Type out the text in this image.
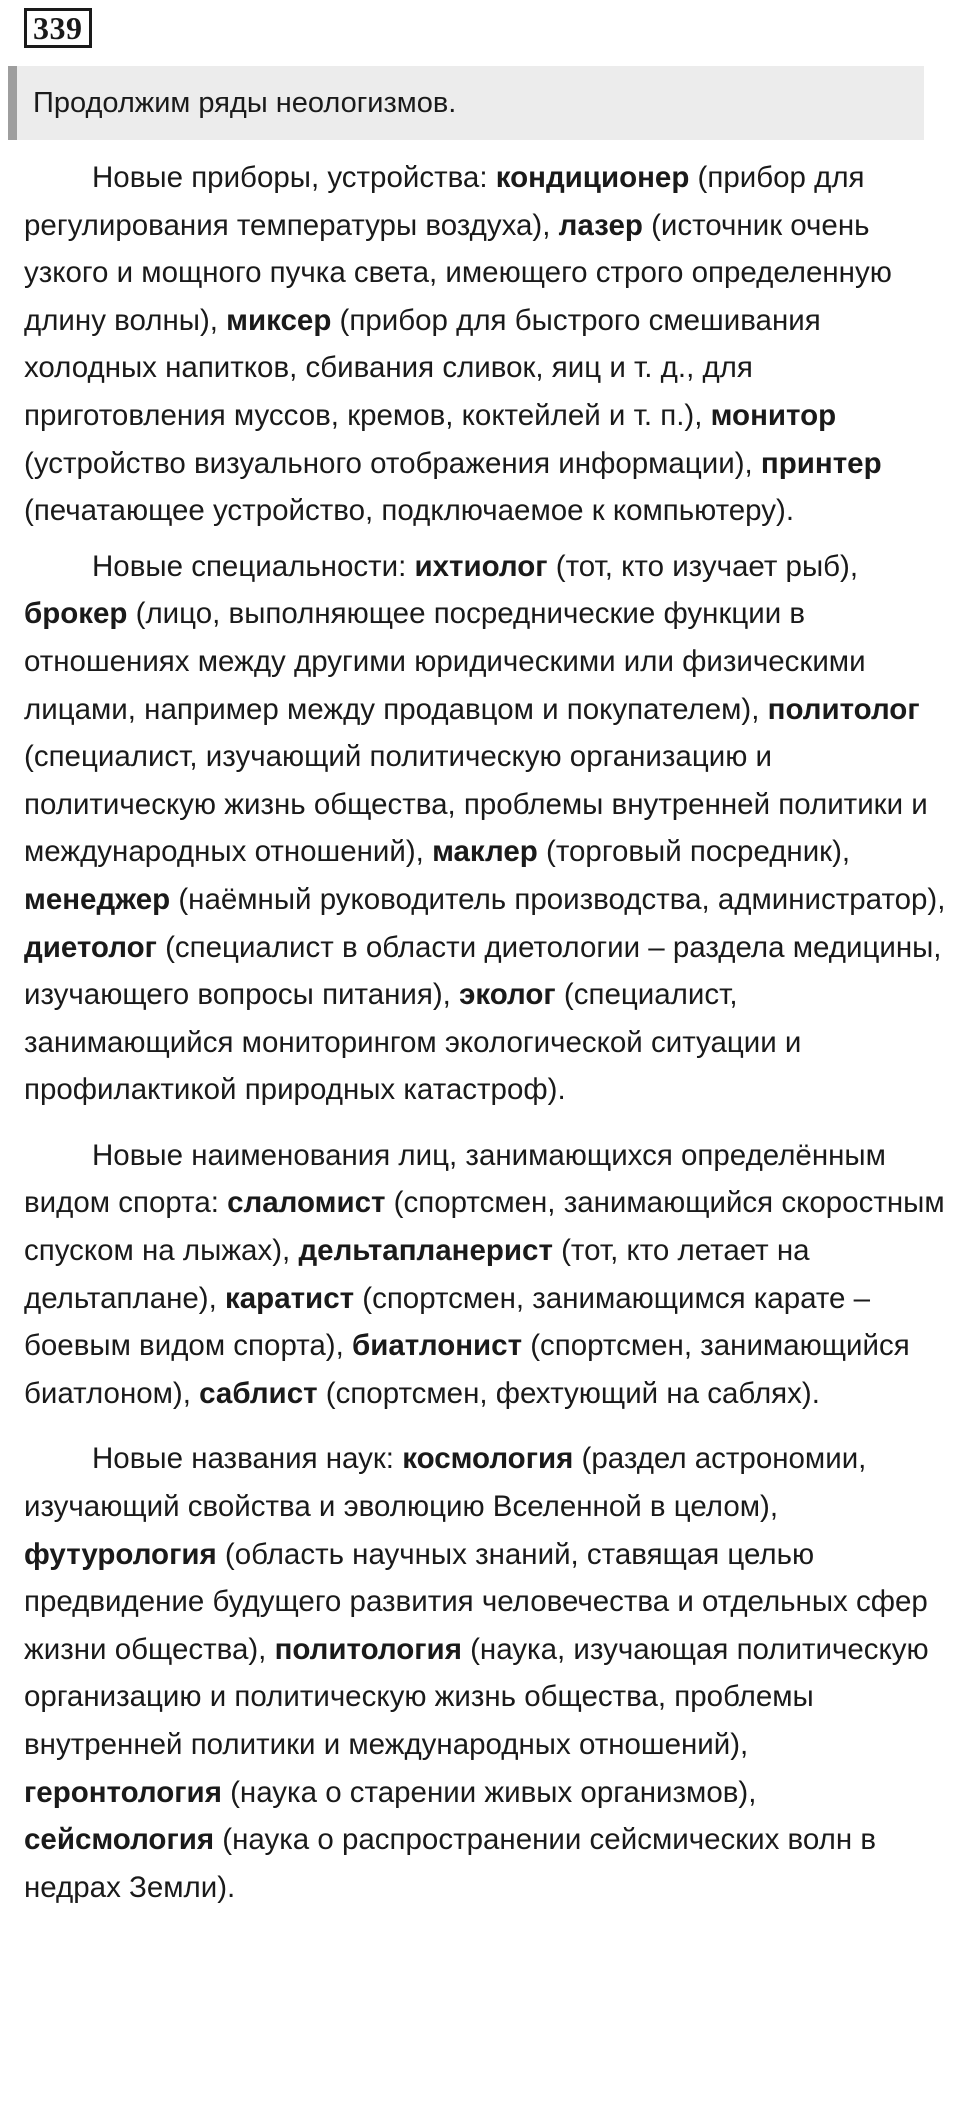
339
Продолжим ряды неологизмов.

Новые приборы, устройства: кондиционер (прибор для регулирования температуры воздуха), лазер (источник очень узкого и мощного пучка света, имеющего строго определенную длину волны), миксер (прибор для быстрого смешивания холодных напитков, сбивания сливок, яиц и т. д., для приготовления муссов, кремов, коктейлей и т. п.), монитор (устройство визуального отображения информации), принтер (печатающее устройство, подключаемое к компьютеру).

Новые специальности: ихтиолог (тот, кто изучает рыб), брокер (лицо, выполняющее посреднические функции в отношениях между другими юридическими или физическими лицами, например между продавцом и покупателем), политолог (специалист, изучающий политическую организацию и политическую жизнь общества, проблемы внутренней политики и международных отношений), маклер (торговый посредник), менеджер (наёмный руководитель производства, администратор), диетолог (специалист в области диетологии – раздела медицины, изучающего вопросы питания), эколог (специалист, занимающийся мониторингом экологической ситуации и профилактикой природных катастроф).

Новые наименования лиц, занимающихся определённым видом спорта: слаломист (спортсмен, занимающийся скоростным спуском на лыжах), дельтапланерист (тот, кто летает на дельтаплане), каратист (спортсмен, занимающимся карате – боевым видом спорта), биатлонист (спортсмен, занимающийся биатлоном), саблист (спортсмен, фехтующий на саблях).

Новые названия наук: космология (раздел астрономии, изучающий свойства и эволюцию Вселенной в целом), футурология (область научных знаний, ставящая целью предвидение будущего развития человечества и отдельных сфер жизни общества), политология (наука, изучающая политическую организацию и политическую жизнь общества, проблемы внутренней политики и международных отношений), геронтология (наука о старении живых организмов), сейсмология (наука о распространении сейсмических волн в недрах Земли).
